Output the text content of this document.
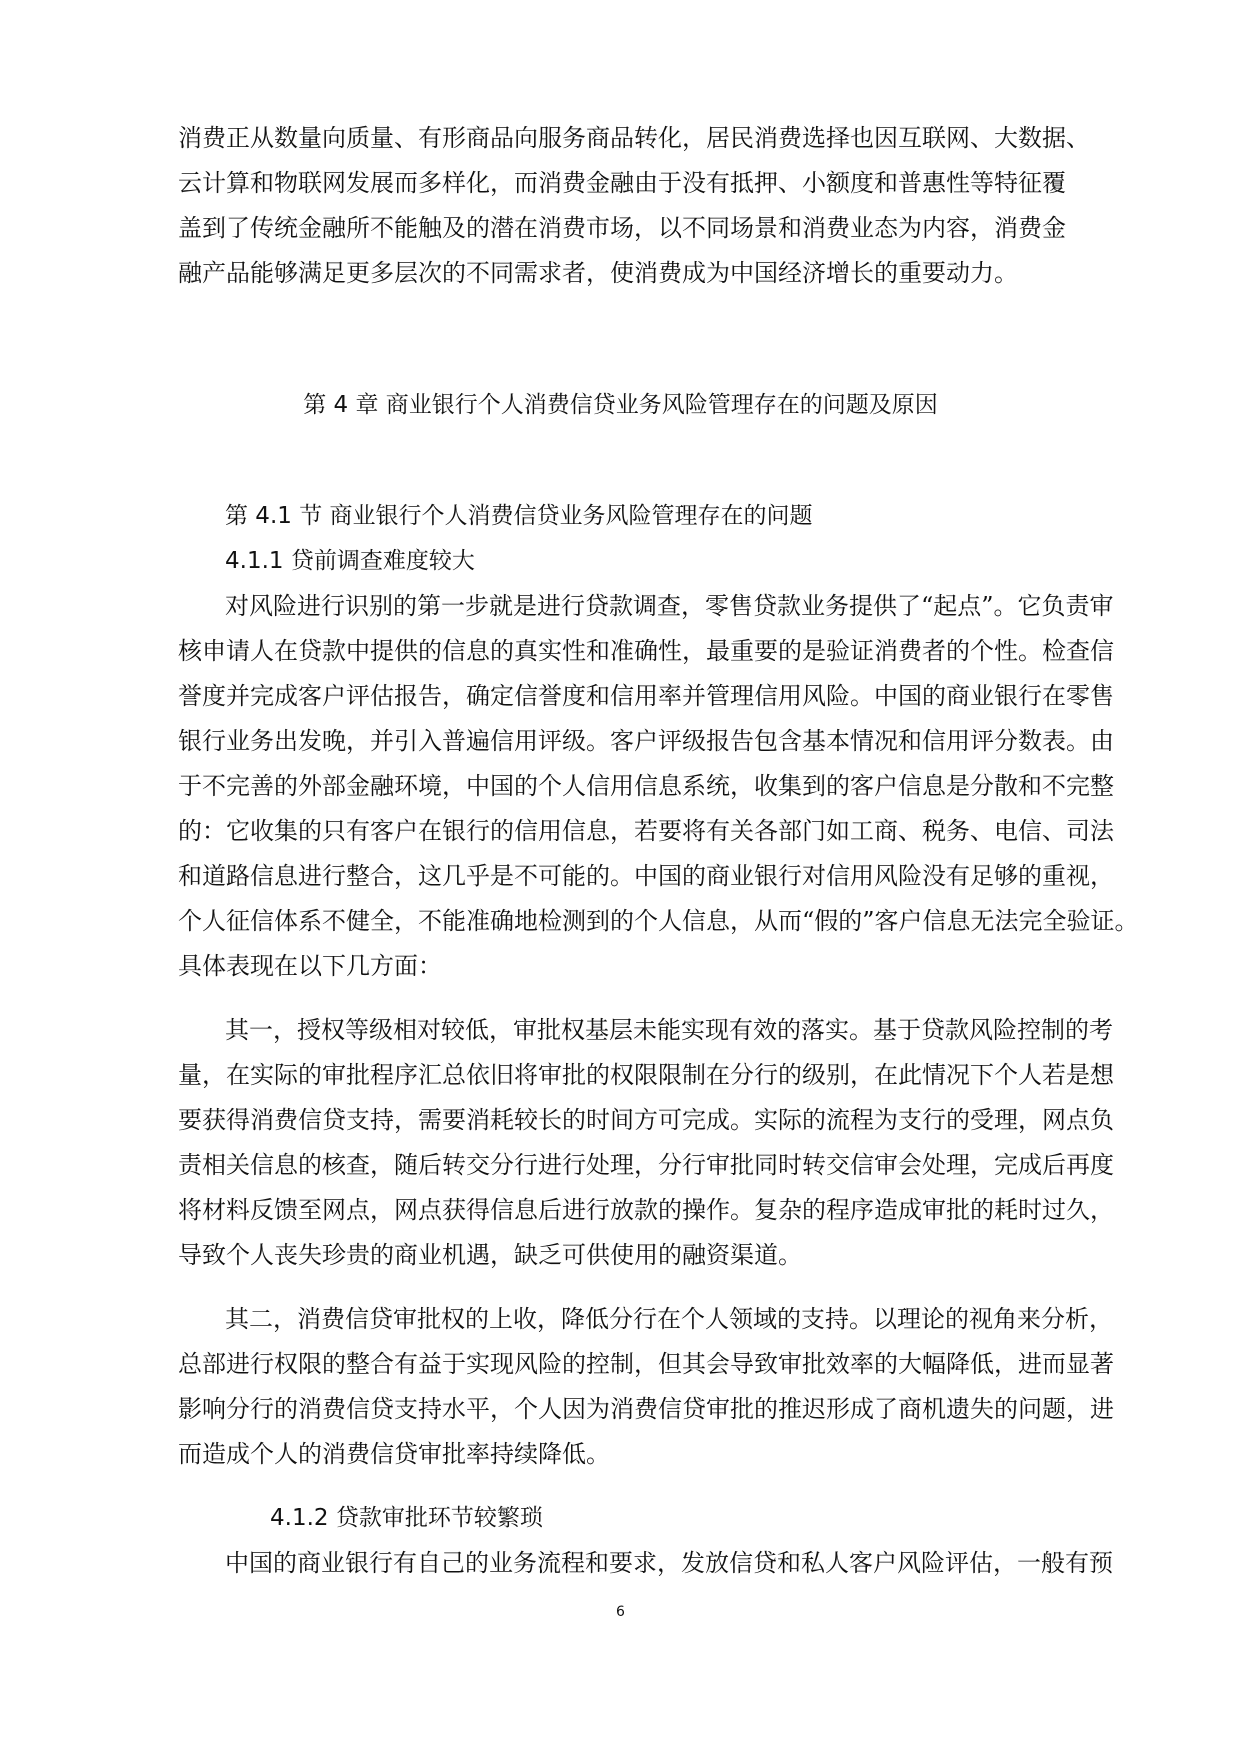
消费正从数量向质量、有形商品向服务商品转化，居民消费选择也因互联网、大数据、

云计算和物联网发展而多样化，而消费金融由于没有抵押、小额度和普惠性等特征覆

盖到了传统金融所不能触及的潜在消费市场，以不同场景和消费业态为内容，消费金

融产品能够满足更多层次的不同需求者，使消费成为中国经济增长的重要动力。

第 4 章 商业银行个人消费信贷业务风险管理存在的问题及原因

第 4.1 节 商业银行个人消费信贷业务风险管理存在的问题

4.1.1 贷前调查难度较大

对风险进行识别的第一步就是进行贷款调查，零售贷款业务提供了“起点”。它负责审

核申请人在贷款中提供的信息的真实性和准确性，最重要的是验证消费者的个性。检查信

誉度并完成客户评估报告，确定信誉度和信用率并管理信用风险。中国的商业银行在零售

银行业务出发晚，并引入普遍信用评级。客户评级报告包含基本情况和信用评分数表。由

于不完善的外部金融环境，中国的个人信用信息系统，收集到的客户信息是分散和不完整

的：它收集的只有客户在银行的信用信息，若要将有关各部门如工商、税务、电信、司法

和道路信息进行整合，这几乎是不可能的。中国的商业银行对信用风险没有足够的重视，

个人征信体系不健全，不能准确地检测到的个人信息，从而“假的”客户信息无法完全验证。

具体表现在以下几方面：

其一，授权等级相对较低，审批权基层未能实现有效的落实。基于贷款风险控制的考

量，在实际的审批程序汇总依旧将审批的权限限制在分行的级别，在此情况下个人若是想

要获得消费信贷支持，需要消耗较长的时间方可完成。实际的流程为支行的受理，网点负

责相关信息的核查，随后转交分行进行处理，分行审批同时转交信审会处理，完成后再度

将材料反馈至网点，网点获得信息后进行放款的操作。复杂的程序造成审批的耗时过久，

导致个人丧失珍贵的商业机遇，缺乏可供使用的融资渠道。

其二，消费信贷审批权的上收，降低分行在个人领域的支持。以理论的视角来分析，

总部进行权限的整合有益于实现风险的控制，但其会导致审批效率的大幅降低，进而显著

影响分行的消费信贷支持水平，个人因为消费信贷审批的推迟形成了商机遗失的问题，进

而造成个人的消费信贷审批率持续降低。

4.1.2 贷款审批环节较繁琐

中国的商业银行有自己的业务流程和要求，发放信贷和私人客户风险评估，一般有预

6
